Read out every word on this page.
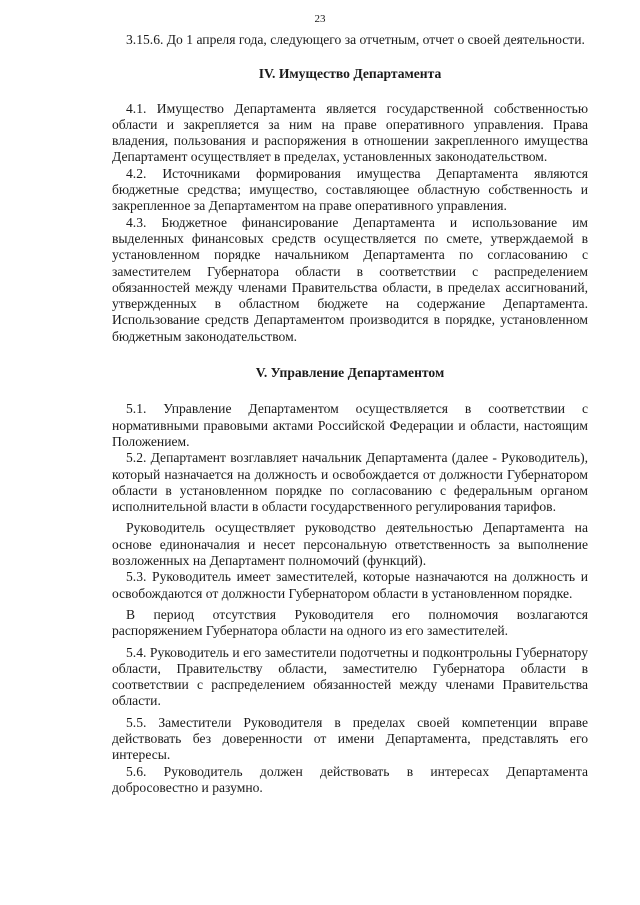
23

3.15.6. До 1 апреля года, следующего за отчетным, отчет о своей деятельности.

IV. Имущество Департамента

4.1. Имущество Департамента является государственной собственностью области и закрепляется за ним на праве оперативного управления. Права владения, пользования и распоряжения в отношении закрепленного имущества Департамент осуществляет в пределах, установленных законодательством.

4.2. Источниками формирования имущества Департамента являются бюджетные средства; имущество, составляющее областную собственность и закрепленное за Департаментом на праве оперативного управления.

4.3. Бюджетное финансирование Департамента и использование им выделенных финансовых средств осуществляется по смете, утверждаемой в установленном порядке начальником Департамента по согласованию с заместителем Губернатора области в соответствии с распределением обязанностей между членами Правительства области, в пределах ассигнований, утвержденных в областном бюджете на содержание Департамента. Использование средств Департаментом производится в порядке, установленном бюджетным законодательством.

V. Управление Департаментом

5.1. Управление Департаментом осуществляется в соответствии с нормативными правовыми актами Российской Федерации и области, настоящим Положением.

5.2. Департамент возглавляет начальник Департамента (далее - Руководитель), который назначается на должность и освобождается от должности Губернатором области в установленном порядке по согласованию с федеральным органом исполнительной власти в области государственного регулирования тарифов.

Руководитель осуществляет руководство деятельностью Департамента на основе единоначалия и несет персональную ответственность за выполнение возложенных на Департамент полномочий (функций).

5.3. Руководитель имеет заместителей, которые назначаются на должность и освобождаются от должности Губернатором области в установленном порядке.

В период отсутствия Руководителя его полномочия возлагаются распоряжением Губернатора области на одного из его заместителей.

5.4. Руководитель и его заместители подотчетны и подконтрольны Губернатору области, Правительству области, заместителю Губернатора области в соответствии с распределением обязанностей между членами Правительства области.

5.5. Заместители Руководителя в пределах своей компетенции вправе действовать без доверенности от имени Департамента, представлять его интересы.

5.6. Руководитель должен действовать в интересах Департамента добросовестно и разумно.
